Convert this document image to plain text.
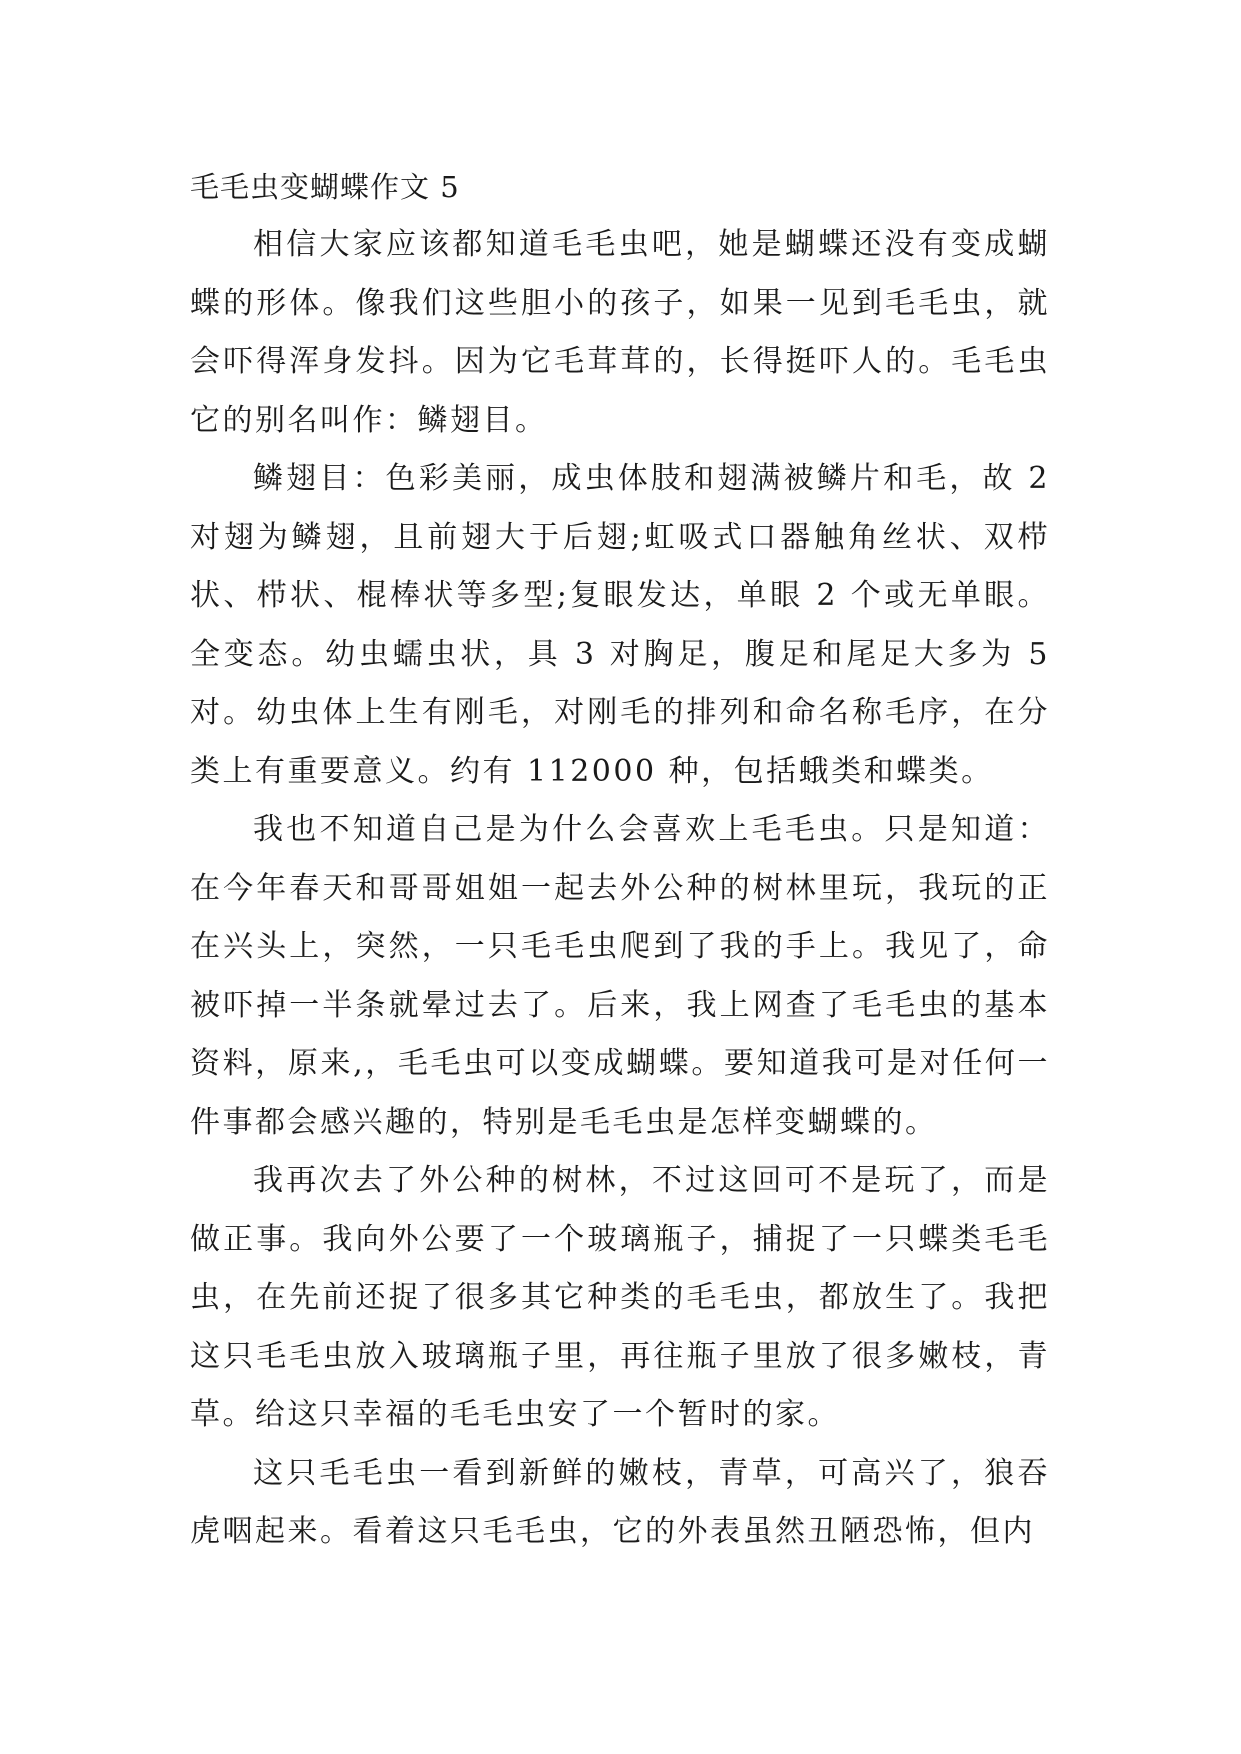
毛毛虫变蝴蝶作文 5

相信大家应该都知道毛毛虫吧，她是蝴蝶还没有变成蝴蝶的形体。像我们这些胆小的孩子，如果一见到毛毛虫，就会吓得浑身发抖。因为它毛茸茸的，长得挺吓人的。毛毛虫它的别名叫作：鳞翅目。

鳞翅目：色彩美丽，成虫体肢和翅满被鳞片和毛，故 2 对翅为鳞翅，且前翅大于后翅;虹吸式口器触角丝状、双栉状、栉状、棍棒状等多型;复眼发达，单眼 2 个或无单眼。全变态。幼虫蠕虫状，具 3 对胸足，腹足和尾足大多为 5 对。幼虫体上生有刚毛，对刚毛的排列和命名称毛序，在分类上有重要意义。约有 112000 种，包括蛾类和蝶类。

我也不知道自己是为什么会喜欢上毛毛虫。只是知道：在今年春天和哥哥姐姐一起去外公种的树林里玩，我玩的正在兴头上，突然，一只毛毛虫爬到了我的手上。我见了，命被吓掉一半条就晕过去了。后来，我上网查了毛毛虫的基本资料，原来,，毛毛虫可以变成蝴蝶。要知道我可是对任何一件事都会感兴趣的，特别是毛毛虫是怎样变蝴蝶的。

我再次去了外公种的树林，不过这回可不是玩了，而是做正事。我向外公要了一个玻璃瓶子，捕捉了一只蝶类毛毛虫，在先前还捉了很多其它种类的毛毛虫，都放生了。我把这只毛毛虫放入玻璃瓶子里，再往瓶子里放了很多嫩枝，青草。给这只幸福的毛毛虫安了一个暂时的家。

这只毛毛虫一看到新鲜的嫩枝，青草，可高兴了，狼吞虎咽起来。看着这只毛毛虫，它的外表虽然丑陋恐怖，但内
